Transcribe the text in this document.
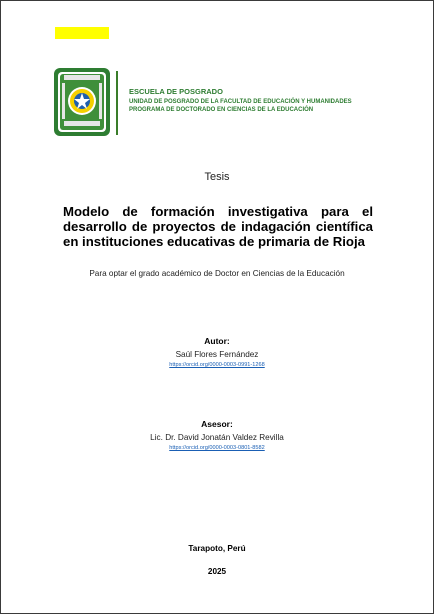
ESCUELA DE POSGRADO
UNIDAD DE POSGRADO DE LA FACULTAD DE EDUCACIÓN Y HUMANIDADES
PROGRAMA DE DOCTORADO EN CIENCIAS DE LA EDUCACIÓN
Tesis
Modelo de formación investigativa para el desarrollo de proyectos de indagación científica en instituciones educativas de primaria de Rioja
Para optar el grado académico de Doctor en Ciencias de la Educación
Autor:
Saúl Flores Fernández
https://orcid.org/0000-0003-0991-1268
Asesor:
Lic. Dr. David Jonatán Valdez Revilla
https://orcid.org/0000-0003-0801-8582
Tarapoto, Perú
2025
